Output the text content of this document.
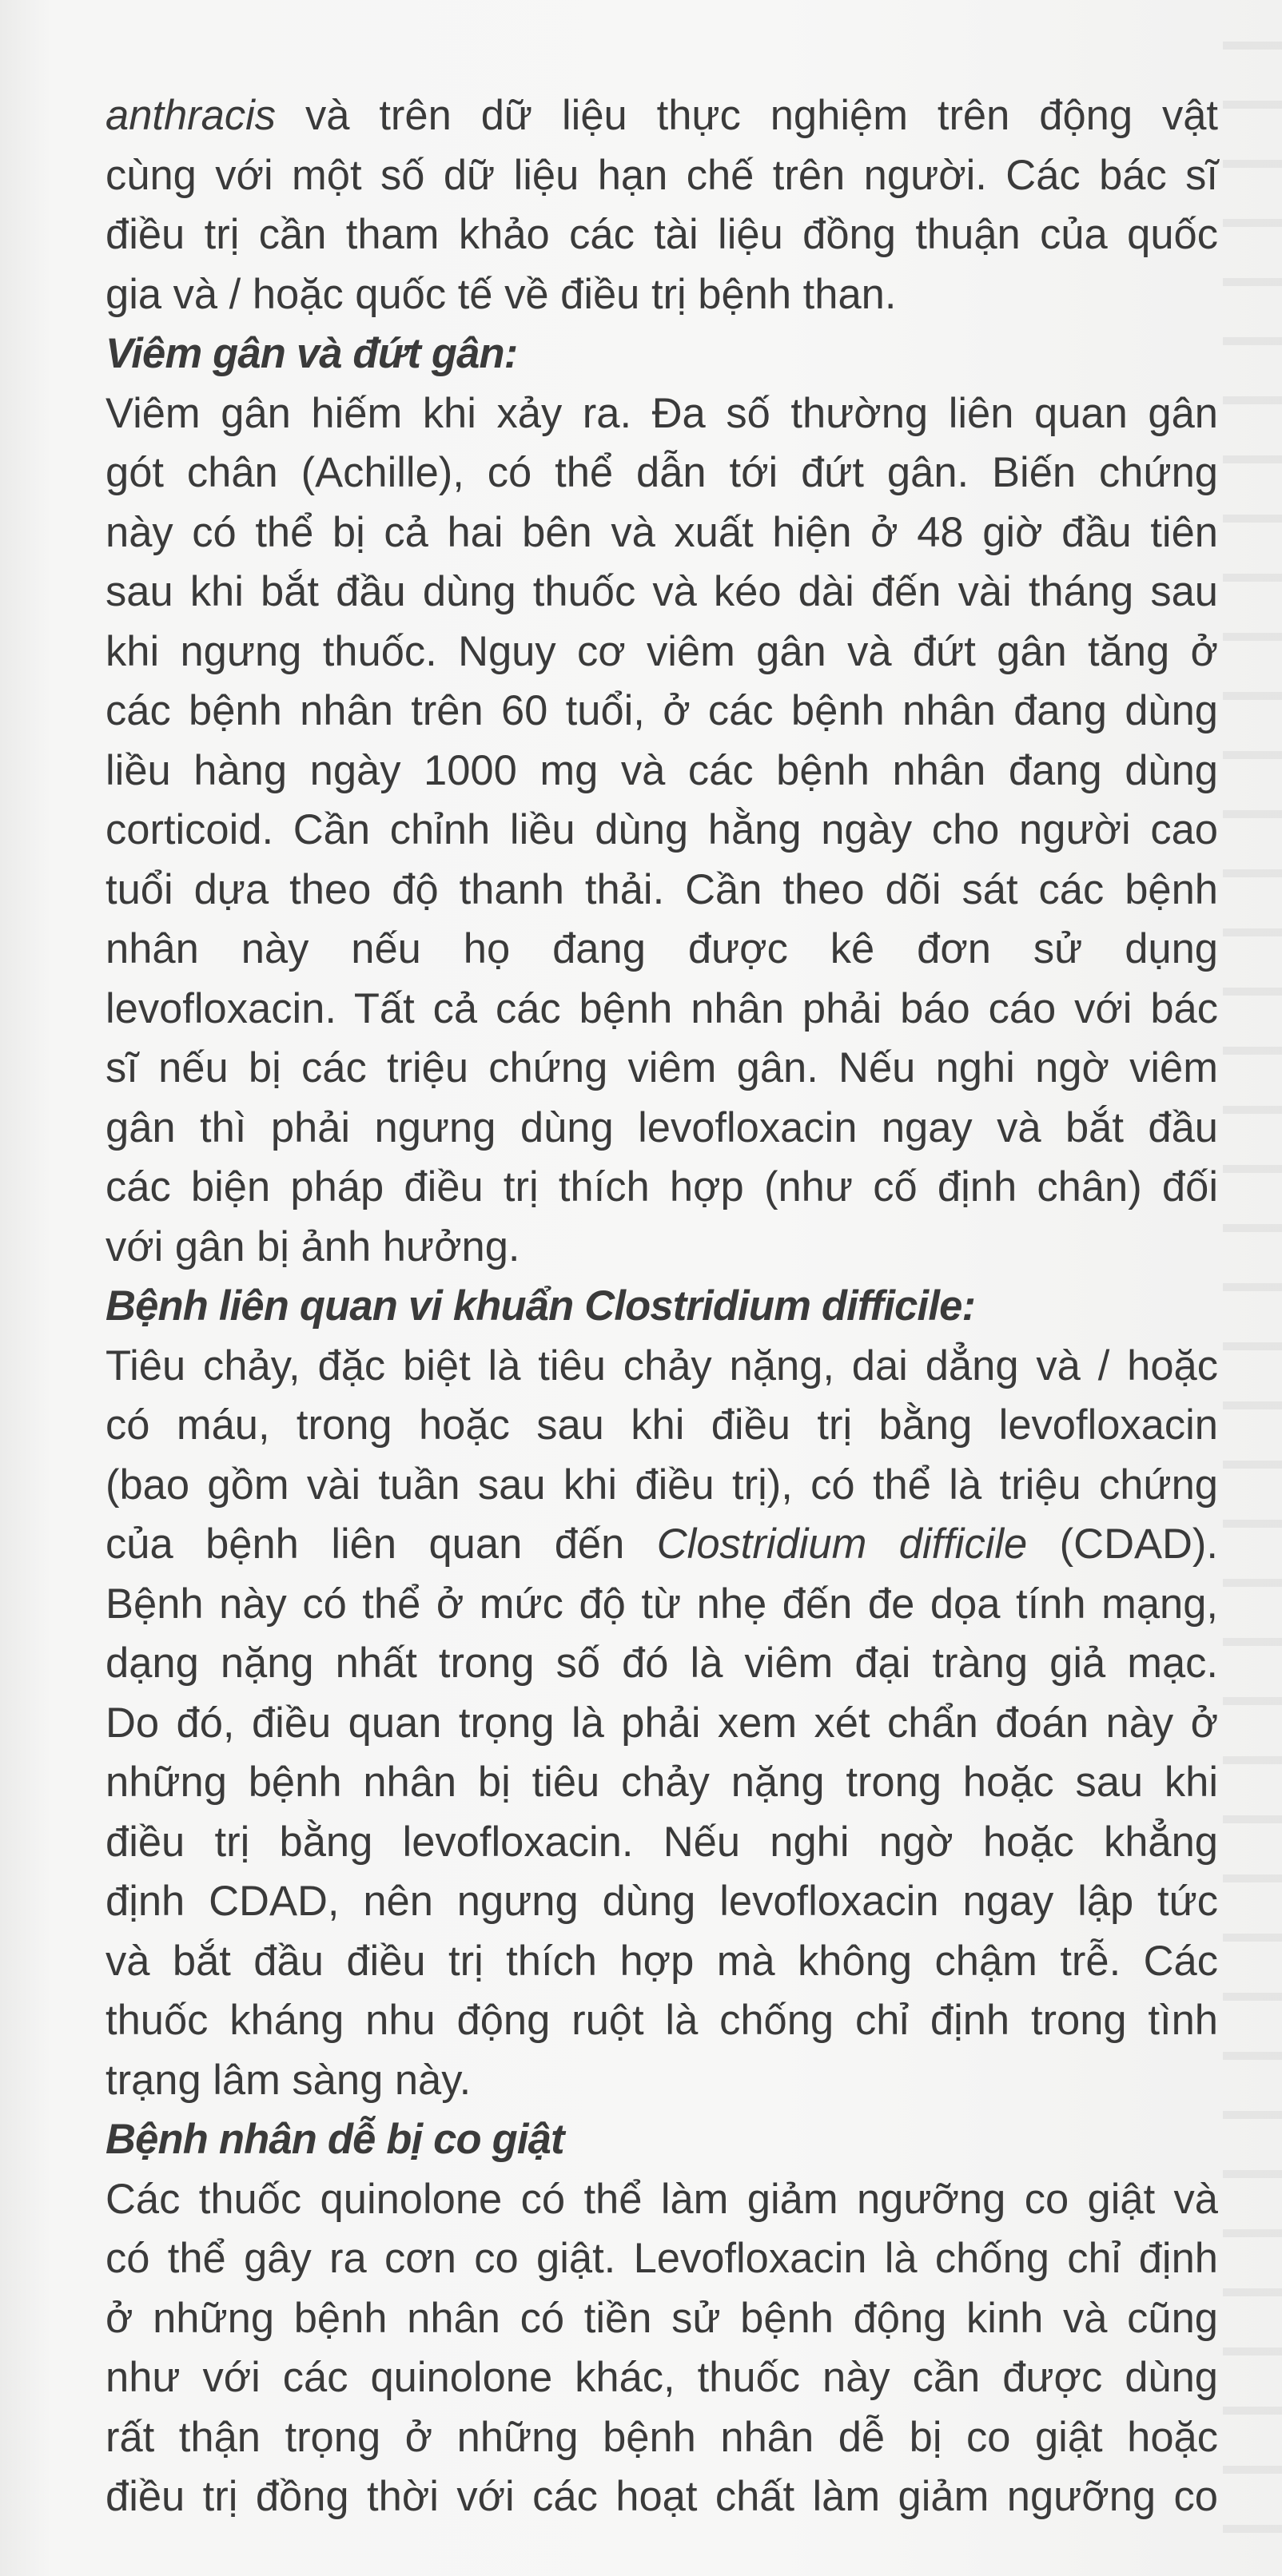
anthracis và trên dữ liệu thực nghiệm trên động vật
cùng với một số dữ liệu hạn chế trên người. Các bác sĩ
điều trị cần tham khảo các tài liệu đồng thuận của quốc
gia và / hoặc quốc tế về điều trị bệnh than.
Viêm gân và đứt gân:
Viêm gân hiếm khi xảy ra. Đa số thường liên quan gân
gót chân (Achille), có thể dẫn tới đứt gân. Biến chứng
này có thể bị cả hai bên và xuất hiện ở 48 giờ đầu tiên
sau khi bắt đầu dùng thuốc và kéo dài đến vài tháng sau
khi ngưng thuốc. Nguy cơ viêm gân và đứt gân tăng ở
các bệnh nhân trên 60 tuổi, ở các bệnh nhân đang dùng
liều hàng ngày 1000 mg và các bệnh nhân đang dùng
corticoid. Cần chỉnh liều dùng hằng ngày cho người cao
tuổi dựa theo độ thanh thải. Cần theo dõi sát các bệnh
nhân này nếu họ đang được kê đơn sử dụng
levofloxacin. Tất cả các bệnh nhân phải báo cáo với bác
sĩ nếu bị các triệu chứng viêm gân. Nếu nghi ngờ viêm
gân thì phải ngưng dùng levofloxacin ngay và bắt đầu
các biện pháp điều trị thích hợp (như cố định chân) đối
với gân bị ảnh hưởng.
Bệnh liên quan vi khuẩn Clostridium difficile:
Tiêu chảy, đặc biệt là tiêu chảy nặng, dai dẳng và / hoặc
có máu, trong hoặc sau khi điều trị bằng levofloxacin
(bao gồm vài tuần sau khi điều trị), có thể là triệu chứng
của bệnh liên quan đến Clostridium difficile (CDAD).
Bệnh này có thể ở mức độ từ nhẹ đến đe dọa tính mạng,
dạng nặng nhất trong số đó là viêm đại tràng giả mạc.
Do đó, điều quan trọng là phải xem xét chẩn đoán này ở
những bệnh nhân bị tiêu chảy nặng trong hoặc sau khi
điều trị bằng levofloxacin. Nếu nghi ngờ hoặc khẳng
định CDAD, nên ngưng dùng levofloxacin ngay lập tức
và bắt đầu điều trị thích hợp mà không chậm trễ. Các
thuốc kháng nhu động ruột là chống chỉ định trong tình
trạng lâm sàng này.
Bệnh nhân dễ bị co giật
Các thuốc quinolone có thể làm giảm ngưỡng co giật và
có thể gây ra cơn co giật. Levofloxacin là chống chỉ định
ở những bệnh nhân có tiền sử bệnh động kinh và cũng
như với các quinolone khác, thuốc này cần được dùng
rất thận trọng ở những bệnh nhân dễ bị co giật hoặc
điều trị đồng thời với các hoạt chất làm giảm ngưỡng co
